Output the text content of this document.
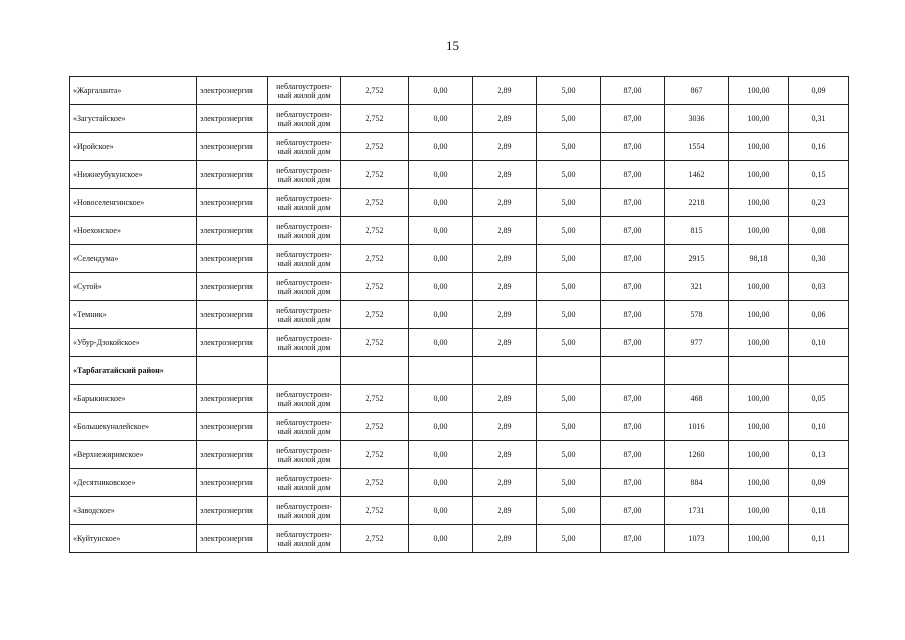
15
«Жаргаланта»	электроэнергия	неблагоустроен-
ный жилой дом	2,752	0,00	2,89	5,00	87,00	867	100,00	0,09
«Загустайское»	электроэнергия	неблагоустроен-
ный жилой дом	2,752	0,00	2,89	5,00	87,00	3036	100,00	0,31
«Иройское»	электроэнергия	неблагоустроен-
ный жилой дом	2,752	0,00	2,89	5,00	87,00	1554	100,00	0,16
«Нижнеубукунское»	электроэнергия	неблагоустроен-
ный жилой дом	2,752	0,00	2,89	5,00	87,00	1462	100,00	0,15
«Новоселенгинское»	электроэнергия	неблагоустроен-
ный жилой дом	2,752	0,00	2,89	5,00	87,00	2218	100,00	0,23
«Ноехонское»	электроэнергия	неблагоустроен-
ный жилой дом	2,752	0,00	2,89	5,00	87,00	815	100,00	0,08
«Селендума»	электроэнергия	неблагоустроен-
ный жилой дом	2,752	0,00	2,89	5,00	87,00	2915	98,18	0,30
«Сутой»	электроэнергия	неблагоустроен-
ный жилой дом	2,752	0,00	2,89	5,00	87,00	321	100,00	0,03
«Темник»	электроэнергия	неблагоустроен-
ный жилой дом	2,752	0,00	2,89	5,00	87,00	578	100,00	0,06
«Убур-Дзокойское»	электроэнергия	неблагоустроен-
ный жилой дом	2,752	0,00	2,89	5,00	87,00	977	100,00	0,10
«Тарбагатайский район»										
«Барыкинское»	электроэнергия	неблагоустроен-
ный жилой дом	2,752	0,00	2,89	5,00	87,00	468	100,00	0,05
«Большекуналейское»	электроэнергия	неблагоустроен-
ный жилой дом	2,752	0,00	2,89	5,00	87,00	1016	100,00	0,10
«Верхнежиримское»	электроэнергия	неблагоустроен-
ный жилой дом	2,752	0,00	2,89	5,00	87,00	1260	100,00	0,13
«Десятниковское»	электроэнергия	неблагоустроен-
ный жилой дом	2,752	0,00	2,89	5,00	87,00	884	100,00	0,09
«Заводское»	электроэнергия	неблагоустроен-
ный жилой дом	2,752	0,00	2,89	5,00	87,00	1731	100,00	0,18
«Куйтунское»	электроэнергия	неблагоустроен-
ный жилой дом	2,752	0,00	2,89	5,00	87,00	1073	100,00	0,11
